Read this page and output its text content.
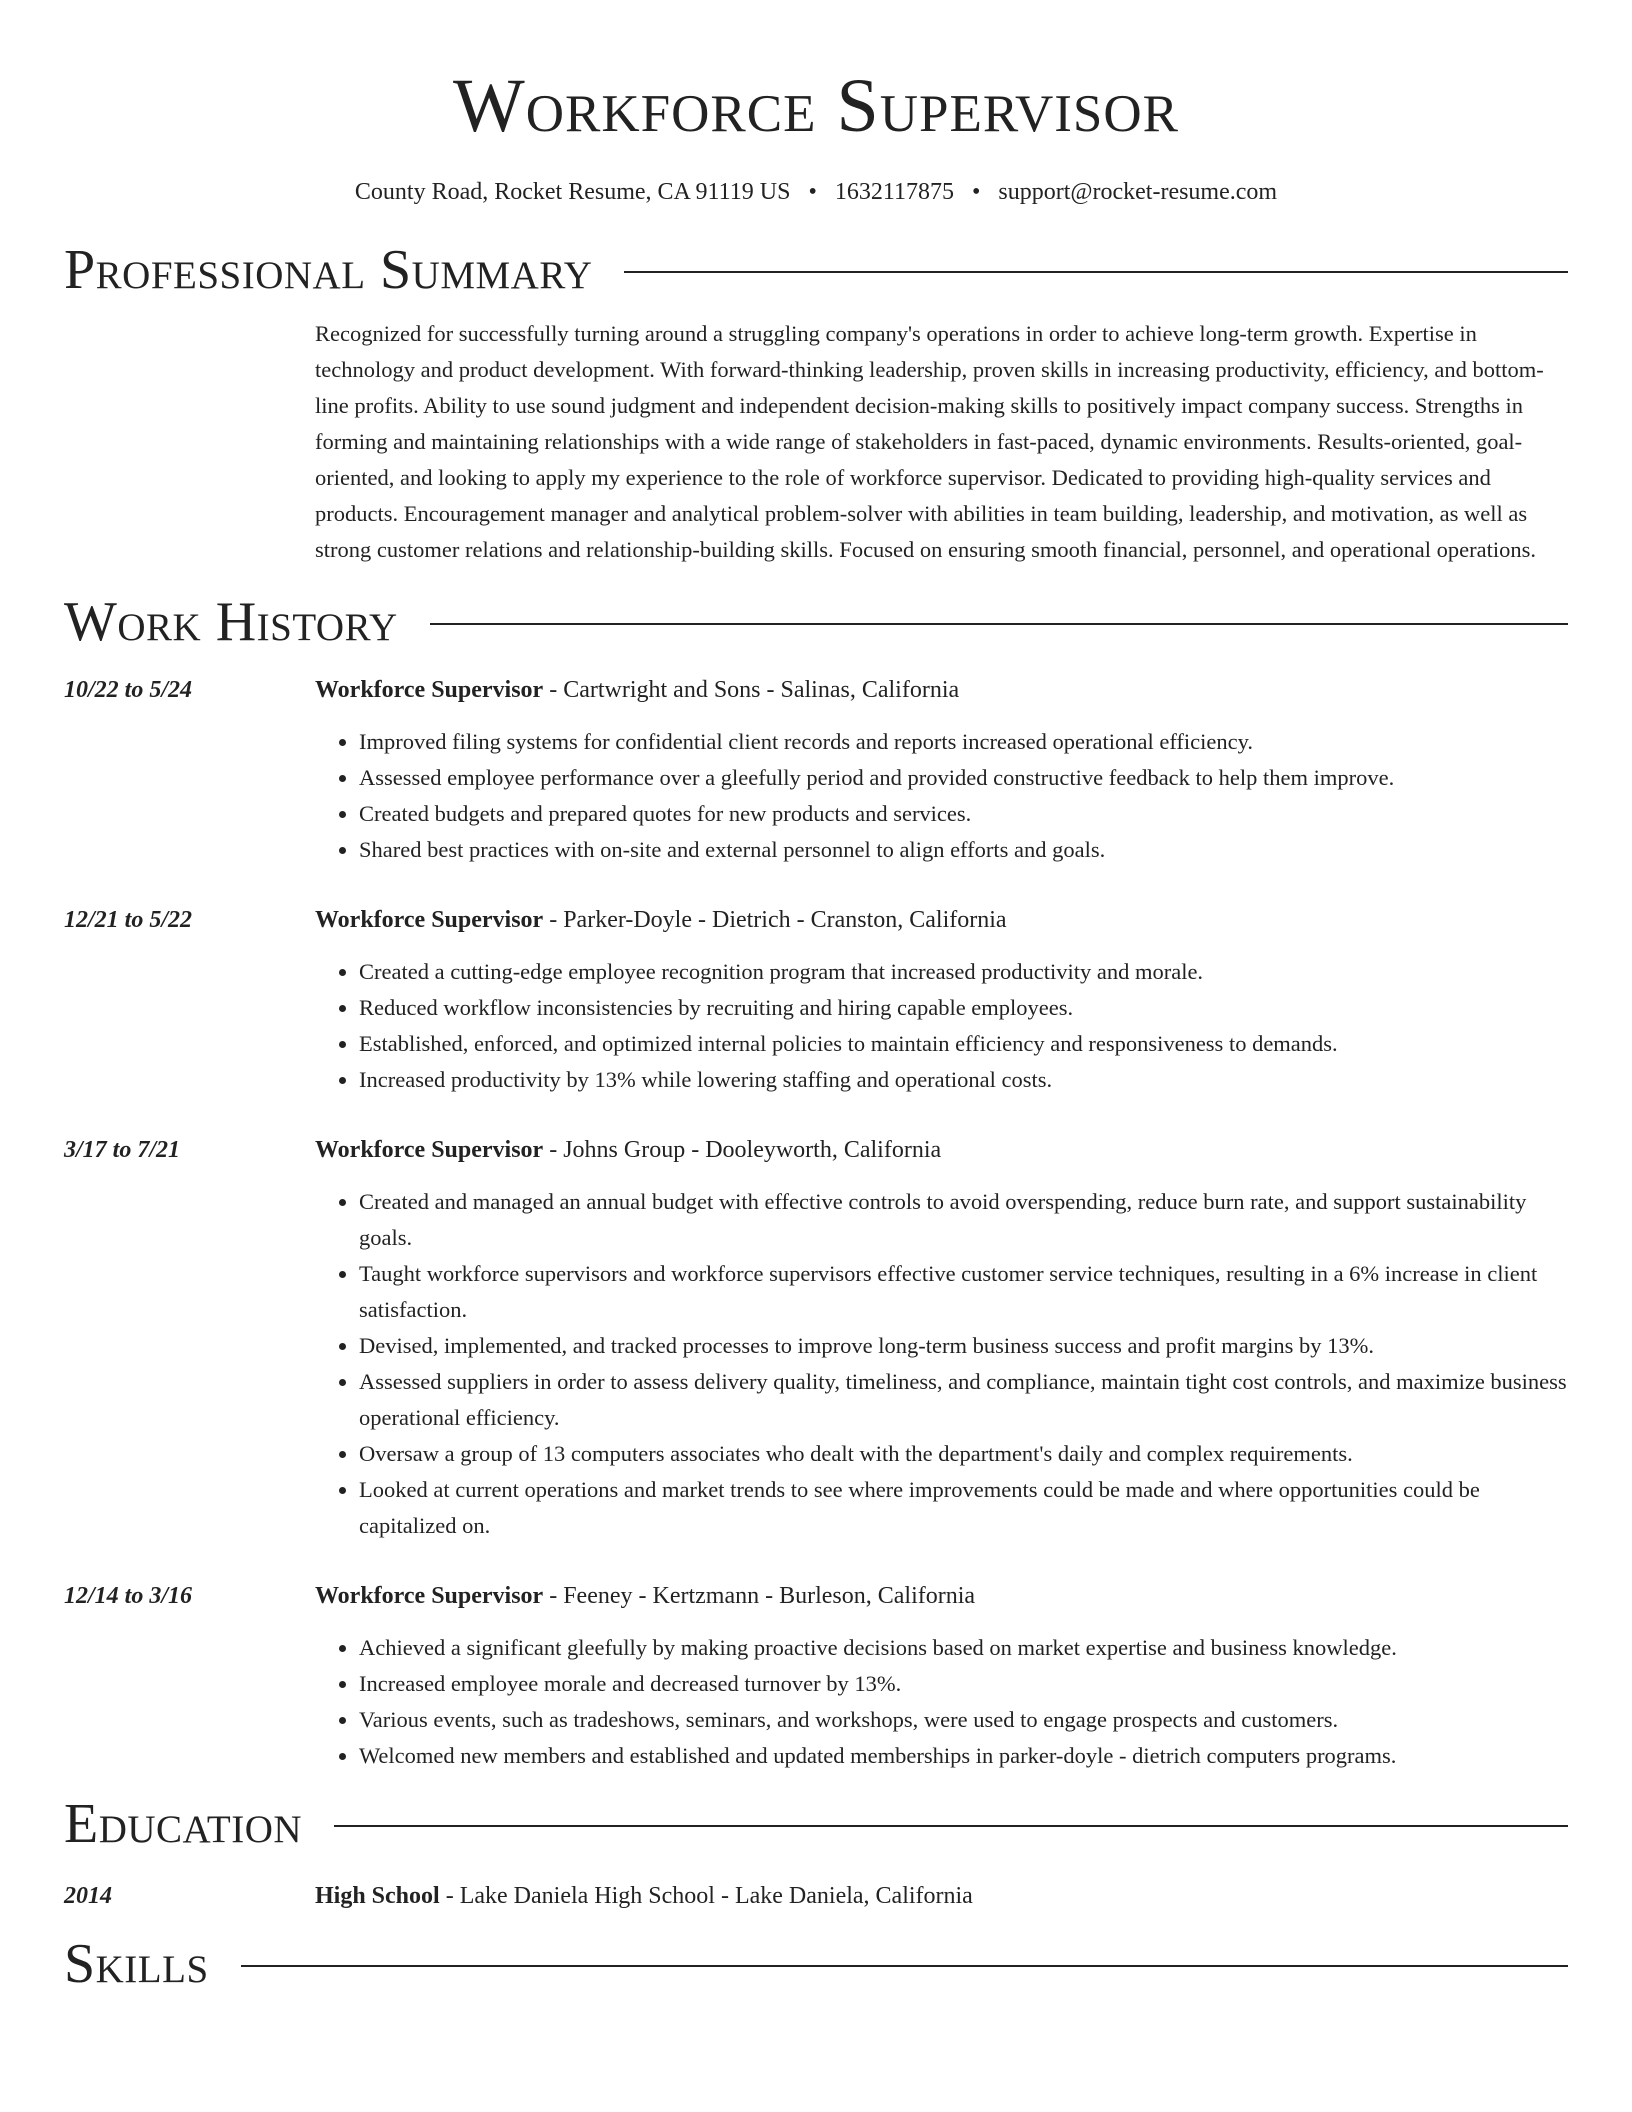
Workforce Supervisor
County Road, Rocket Resume, CA 91119 US • 1632117875 • support@rocket-resume.com
Professional Summary
Recognized for successfully turning around a struggling company's operations in order to achieve long-term growth. Expertise in technology and product development. With forward-thinking leadership, proven skills in increasing productivity, efficiency, and bottom-line profits. Ability to use sound judgment and independent decision-making skills to positively impact company success. Strengths in forming and maintaining relationships with a wide range of stakeholders in fast-paced, dynamic environments. Results-oriented, goal-oriented, and looking to apply my experience to the role of workforce supervisor. Dedicated to providing high-quality services and products. Encouragement manager and analytical problem-solver with abilities in team building, leadership, and motivation, as well as strong customer relations and relationship-building skills. Focused on ensuring smooth financial, personnel, and operational operations.
Work History
10/22 to 5/24	Workforce Supervisor - Cartwright and Sons - Salinas, California
• Improved filing systems for confidential client records and reports increased operational efficiency.
• Assessed employee performance over a gleefully period and provided constructive feedback to help them improve.
• Created budgets and prepared quotes for new products and services.
• Shared best practices with on-site and external personnel to align efforts and goals.
12/21 to 5/22	Workforce Supervisor - Parker-Doyle - Dietrich - Cranston, California
• Created a cutting-edge employee recognition program that increased productivity and morale.
• Reduced workflow inconsistencies by recruiting and hiring capable employees.
• Established, enforced, and optimized internal policies to maintain efficiency and responsiveness to demands.
• Increased productivity by 13% while lowering staffing and operational costs.
3/17 to 7/21	Workforce Supervisor - Johns Group - Dooleyworth, California
• Created and managed an annual budget with effective controls to avoid overspending, reduce burn rate, and support sustainability goals.
• Taught workforce supervisors and workforce supervisors effective customer service techniques, resulting in a 6% increase in client satisfaction.
• Devised, implemented, and tracked processes to improve long-term business success and profit margins by 13%.
• Assessed suppliers in order to assess delivery quality, timeliness, and compliance, maintain tight cost controls, and maximize business operational efficiency.
• Oversaw a group of 13 computers associates who dealt with the department's daily and complex requirements.
• Looked at current operations and market trends to see where improvements could be made and where opportunities could be capitalized on.
12/14 to 3/16	Workforce Supervisor - Feeney - Kertzmann - Burleson, California
• Achieved a significant gleefully by making proactive decisions based on market expertise and business knowledge.
• Increased employee morale and decreased turnover by 13%.
• Various events, such as tradeshows, seminars, and workshops, were used to engage prospects and customers.
• Welcomed new members and established and updated memberships in parker-doyle - dietrich computers programs.
Education
2014	High School - Lake Daniela High School - Lake Daniela, California
Skills
